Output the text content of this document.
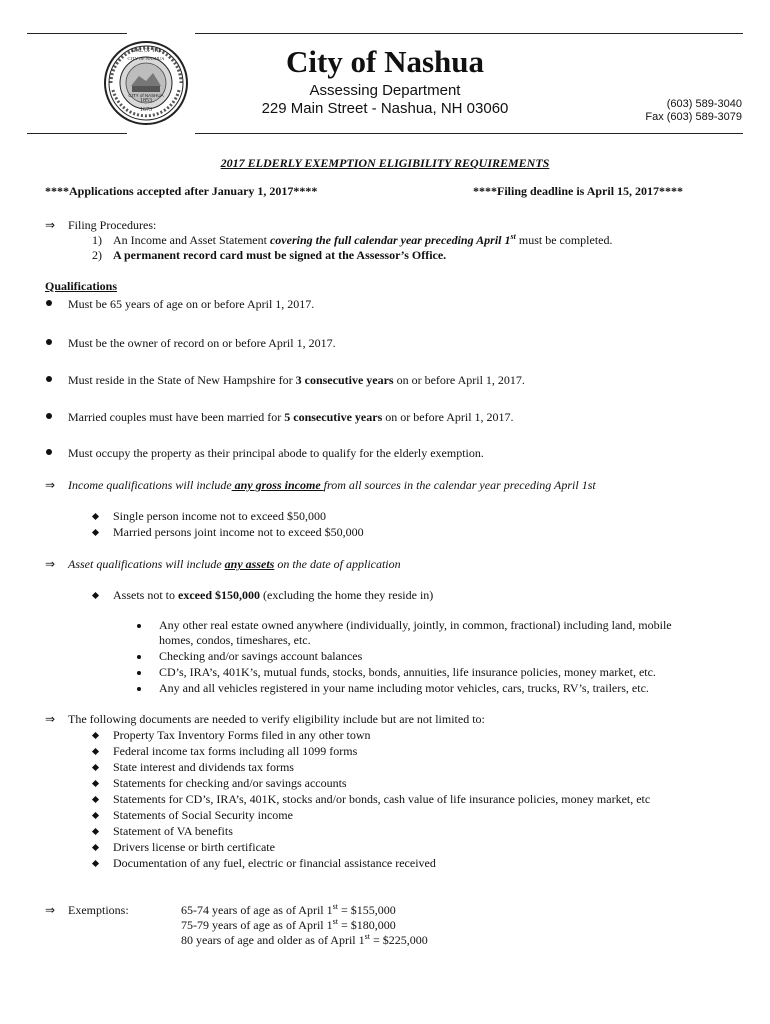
1853
1673
CITY of NASHUA
SEAL OF THE
CITY OF NASHUA	City of Nashua
Assessing Department
229 Main Street - Nashua, NH 03060	(603) 589-3040
Fax (603) 589-3079
2017 ELDERLY EXEMPTION ELIGIBILITY REQUIREMENTS
****Applications accepted after January 1, 2017****	****Filing deadline is April 15, 2017****
⇒ Filing Procedures:
1) An Income and Asset Statement covering the full calendar year preceding April 1st must be completed.
2) A permanent record card must be signed at the Assessor’s Office.
Qualifications
Must be 65 years of age on or before April 1, 2017.
Must be the owner of record on or before April 1, 2017.
Must reside in the State of New Hampshire for 3 consecutive years on or before April 1, 2017.
Married couples must have been married for 5 consecutive years on or before April 1, 2017.
Must occupy the property as their principal abode to qualify for the elderly exemption.
⇒ Income qualifications will include any gross income from all sources in the calendar year preceding April 1st
Single person income not to exceed $50,000
Married persons joint income not to exceed $50,000
⇒ Asset qualifications will include any assets on the date of application
Assets not to exceed $150,000 (excluding the home they reside in)
Any other real estate owned anywhere (individually, jointly, in common, fractional) including land, mobile
homes, condos, timeshares, etc.
Checking and/or savings account balances
CD’s, IRA’s, 401K’s, mutual funds, stocks, bonds, annuities, life insurance policies, money market, etc.
Any and all vehicles registered in your name including motor vehicles, cars, trucks, RV’s, trailers, etc.
⇒ The following documents are needed to verify eligibility include but are not limited to:
Property Tax Inventory Forms filed in any other town
Federal income tax forms including all 1099 forms
State interest and dividends tax forms
Statements for checking and/or savings accounts
Statements for CD’s, IRA’s, 401K, stocks and/or bonds, cash value of life insurance policies, money market, etc
Statements of Social Security income
Statement of VA benefits
Drivers license or birth certificate
Documentation of any fuel, electric or financial assistance received
⇒ Exemptions:	65-74 years of age as of April 1st = $155,000
75-79 years of age as of April 1st = $180,000
80 years of age and older as of April 1st = $225,000
